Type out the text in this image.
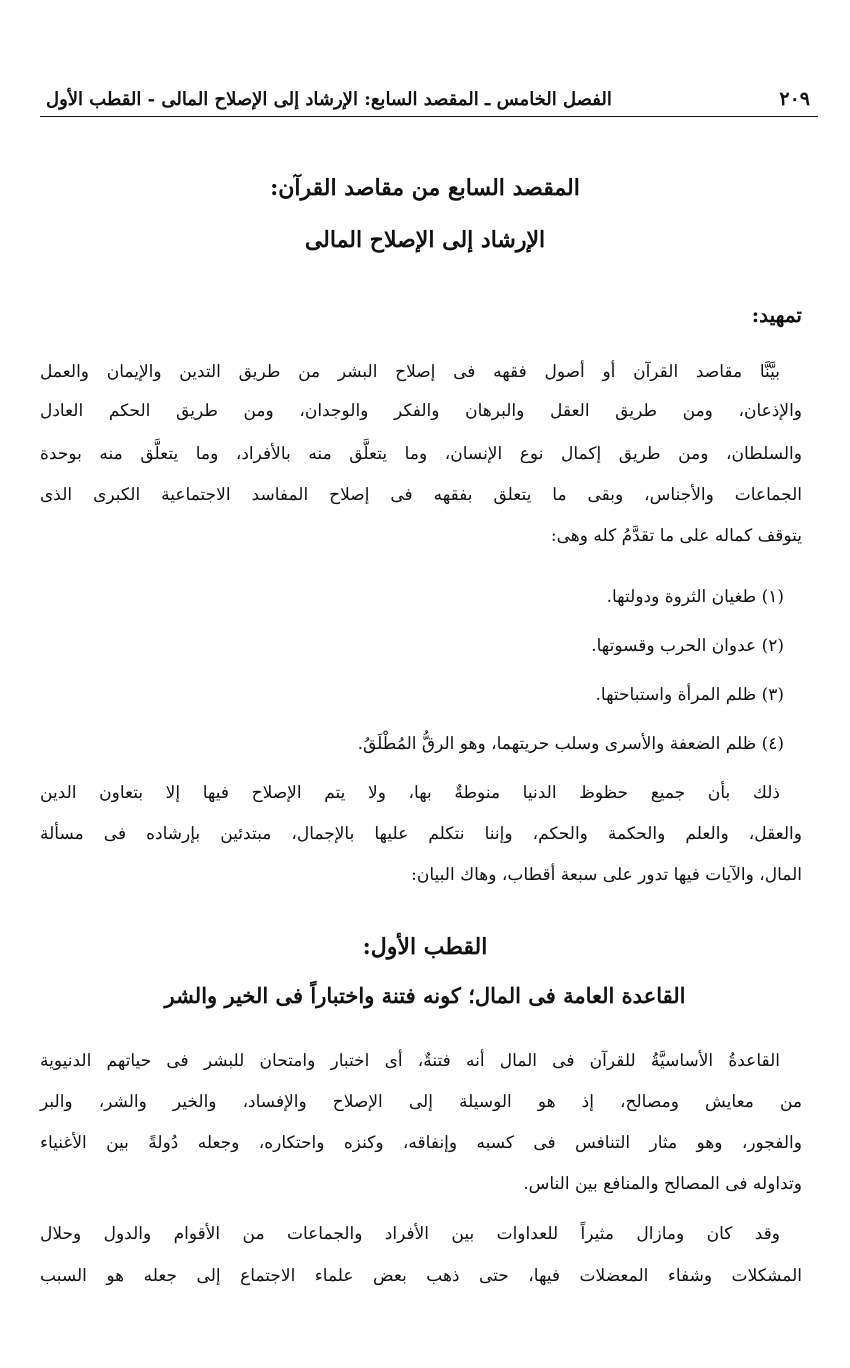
٢٠٩
الفصل الخامس ـ المقصد السابع: الإرشاد إلى الإصلاح المالى - القطب الأول
المقصد السابع من مقاصد القرآن:
الإرشاد إلى الإصلاح المالى
تمهيد:
بيَّنَّا مقاصد القرآن أو أصول فقهه فى إصلاح البشر من طريق التدين والإيمان والعمل
والإذعان، ومن طريق العقل والبرهان والفكر والوجدان، ومن طريق الحكم العادل
والسلطان، ومن طريق إكمال نوع الإنسان، وما يتعلَّق منه بالأفراد، وما يتعلَّق منه بوحدة
الجماعات والأجناس، وبقى ما يتعلق بفقهه فى إصلاح المفاسد الاجتماعية الكبرى الذى
يتوقف كماله على ما تقدَّمُ كله وهى:
(١) طغيان الثروة ودولتها.
(٢) عدوان الحرب وقسوتها.
(٣) ظلم المرأة واستباحتها.
(٤) ظلم الضعفة والأسرى وسلب حريتهما، وهو الرقُّ المُطْلَقُ.
ذلك بأن جميع حظوظ الدنيا منوطةٌ بها، ولا يتم الإصلاح فيها إلا بتعاون الدين
والعقل، والعلم والحكمة والحكم، وإننا نتكلم عليها بالإجمال، مبتدئين بإرشاده فى مسألة
المال، والآيات فيها تدور على سبعة أقطاب، وهاك البيان:
القطب الأول:
القاعدة العامة فى المال؛ كونه فتنة واختباراً فى الخير والشر
القاعدةُ الأساسيَّةُ للقرآن فى المال أنه فتنةٌ، أى اختبار وامتحان للبشر فى حياتهم الدنيوية
من معايش ومصالح، إذ هو الوسيلة إلى الإصلاح والإفساد، والخير والشر، والبر
والفجور، وهو مثار التنافس فى كسبه وإنفاقه، وكنزه واحتكاره، وجعله دُولةً بين الأغنياء
وتداوله فى المصالح والمنافع بين الناس.
وقد كان ومازال مثيراً للعداوات بين الأفراد والجماعات من الأقوام والدول وحلال
المشكلات وشفاء المعضلات فيها، حتى ذهب بعض علماء الاجتماع إلى جعله هو السبب
